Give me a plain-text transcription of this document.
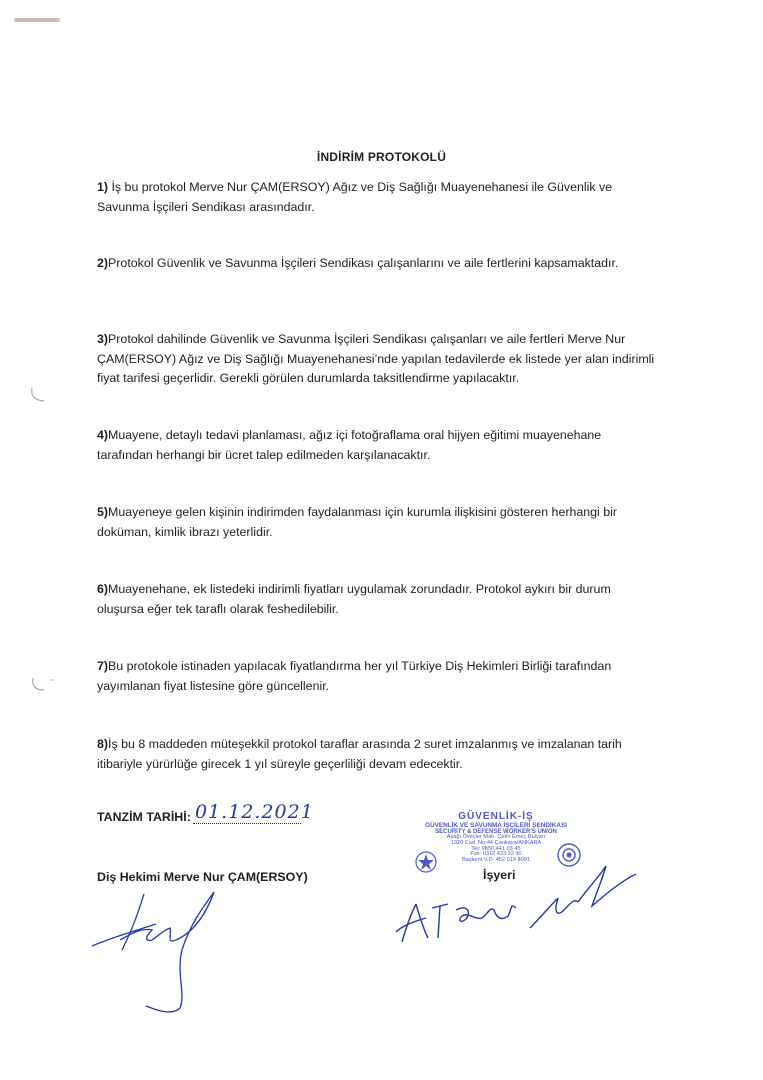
İNDİRİM PROTOKOLÜ

1) İş bu protokol Merve Nur ÇAM(ERSOY) Ağız ve Diş Sağlığı Muayenehanesi ile Güvenlik ve Savunma İşçileri Sendikası arasındadır.

2)Protokol Güvenlik ve Savunma İşçileri Sendikası çalışanlarını ve aile fertlerini kapsamaktadır.

3)Protokol dahilinde Güvenlik ve Savunma İşçileri Sendikası çalışanları ve aile fertleri Merve Nur ÇAM(ERSOY) Ağız ve Diş Sağlığı Muayenehanesi’nde yapılan tedavilerde ek listede yer alan indirimli fiyat tarifesi geçerlidir. Gerekli görülen durumlarda taksitlendirme yapılacaktır.

4)Muayene, detaylı tedavi planlaması, ağız içi fotoğraflama oral hijyen eğitimi muayenehane tarafından herhangi bir ücret talep edilmeden karşılanacaktır.

5)Muayeneye gelen kişinin indirimden faydalanması için kurumla ilişkisini gösteren herhangi bir doküman, kimlik ibrazı yeterlidir.

6)Muayenehane, ek listedeki indirimli fiyatları uygulamak zorundadır. Protokol aykırı bir durum oluşursa eğer tek taraflı olarak feshedilebilir.

7)Bu protokole istinaden yapılacak fiyatlandırma her yıl Türkiye Diş Hekimleri Birliği tarafından yayımlanan fiyat listesine göre güncellenir.

8)İş bu 8 maddeden müteşekkil protokol taraflar arasında 2 suret imzalanmış ve imzalanan tarih itibariyle yürürlüğe girecek 1 yıl süreyle geçerliliği devam edecektir.

TANZİM TARİHİ: 01.12.2021	GÜVENLİK-İŞ
GÜVENLİK VE SAVUNMA İŞÇİLERİ SENDİKASI
SECURITY & DEFENSE WORKER'S UNION
Aşağı Öveçler Mah. Çetin Emeç Bulvarı
1320 Cad. No:44 Çankaya/ANKARA
Tel: 0850 441 03 45
Fax: 0312 433 32 90
Başkent V.D. 452 019 8091
Diş Hekimi Merve Nur ÇAM(ERSOY)	İşyeri
